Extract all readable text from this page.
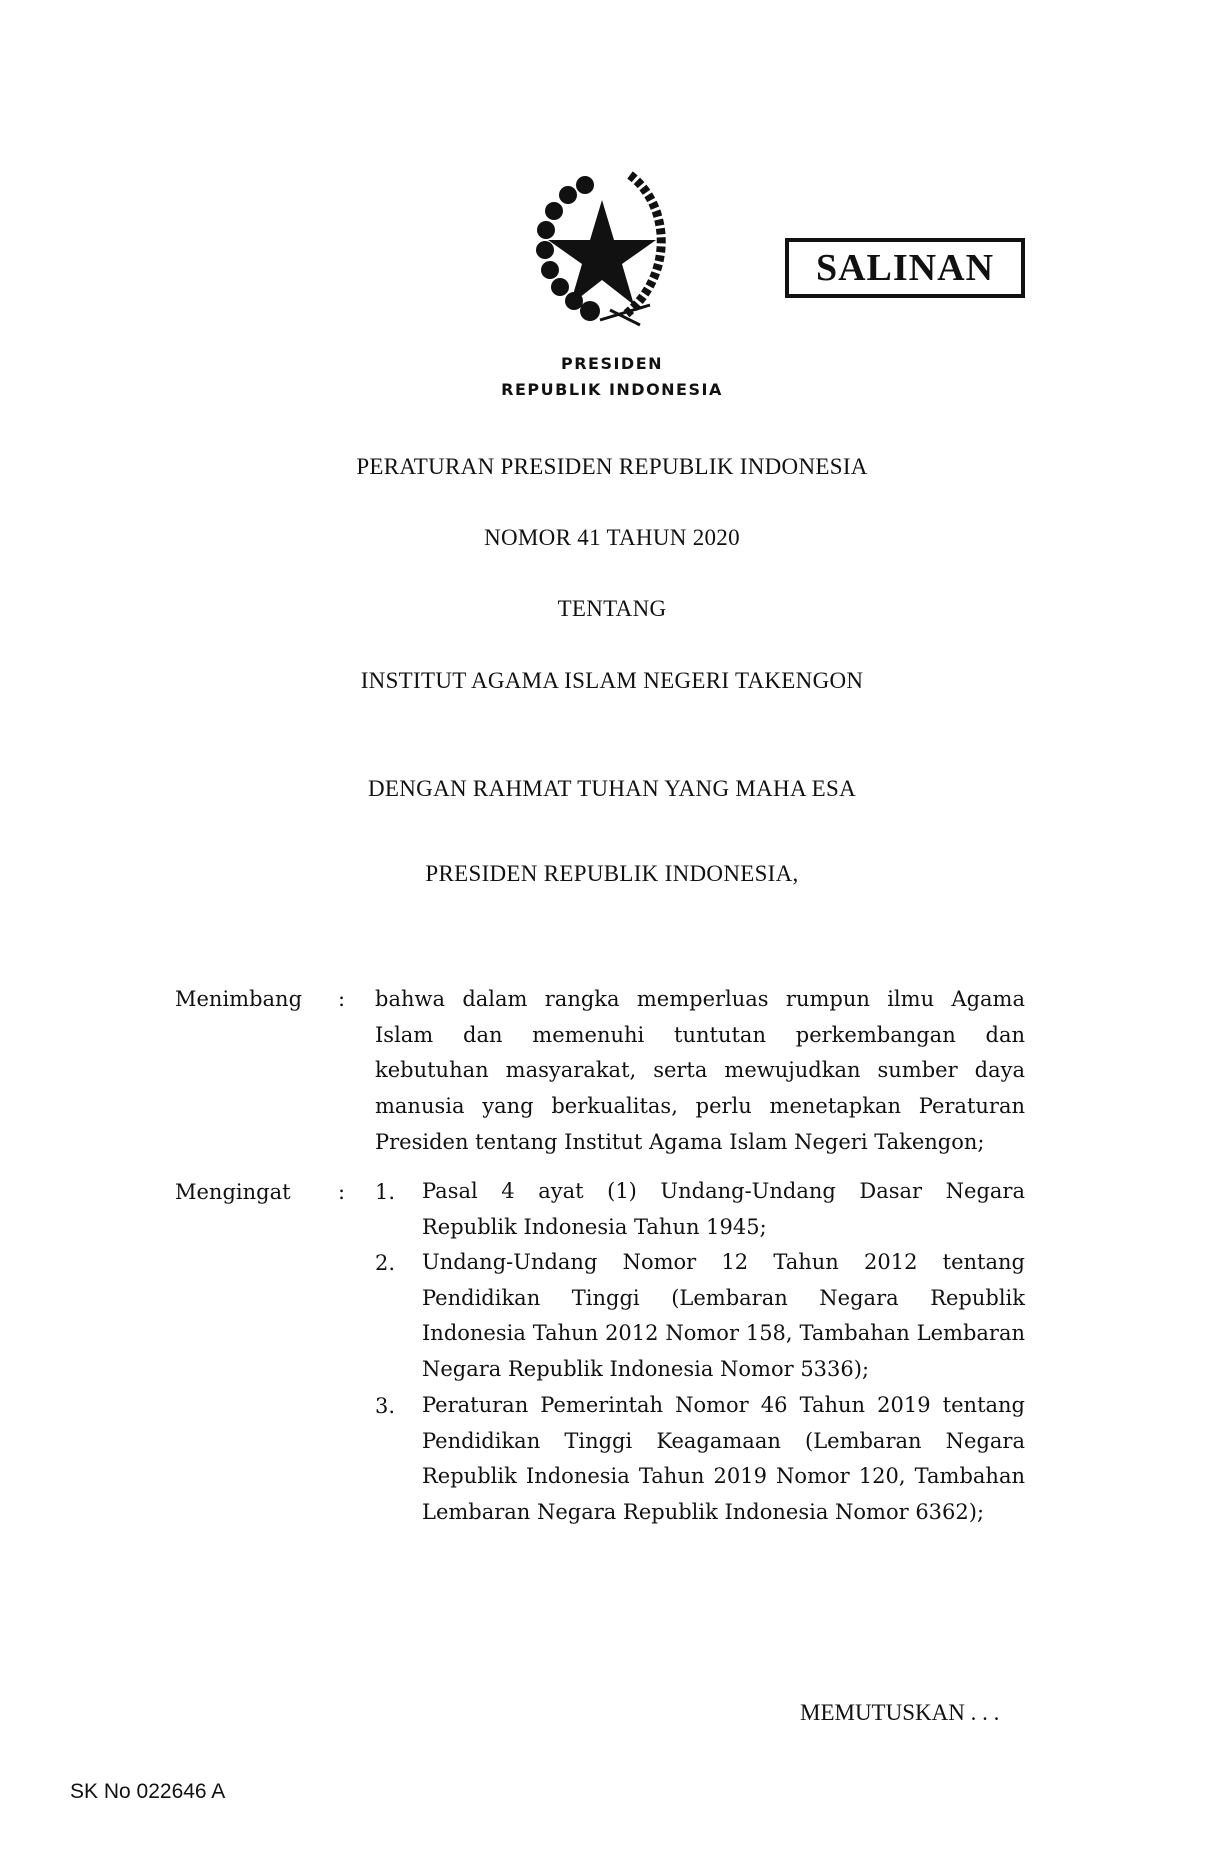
SALINAN
PRESIDEN
REPUBLIK INDONESIA
PERATURAN PRESIDEN REPUBLIK INDONESIA
NOMOR 41 TAHUN 2020
TENTANG
INSTITUT AGAMA ISLAM NEGERI TAKENGON
DENGAN RAHMAT TUHAN YANG MAHA ESA
PRESIDEN REPUBLIK INDONESIA,
Menimbang : bahwa dalam rangka memperluas rumpun ilmu Agama Islam dan memenuhi tuntutan perkembangan dan kebutuhan masyarakat, serta mewujudkan sumber daya manusia yang berkualitas, perlu menetapkan Peraturan Presiden tentang Institut Agama Islam Negeri Takengon;
Mengingat : 1. Pasal 4 ayat (1) Undang-Undang Dasar Negara Republik Indonesia Tahun 1945;
2. Undang-Undang Nomor 12 Tahun 2012 tentang Pendidikan Tinggi (Lembaran Negara Republik Indonesia Tahun 2012 Nomor 158, Tambahan Lembaran Negara Republik Indonesia Nomor 5336);
3. Peraturan Pemerintah Nomor 46 Tahun 2019 tentang Pendidikan Tinggi Keagamaan (Lembaran Negara Republik Indonesia Tahun 2019 Nomor 120, Tambahan Lembaran Negara Republik Indonesia Nomor 6362);
MEMUTUSKAN . . .
SK No 022646 A
